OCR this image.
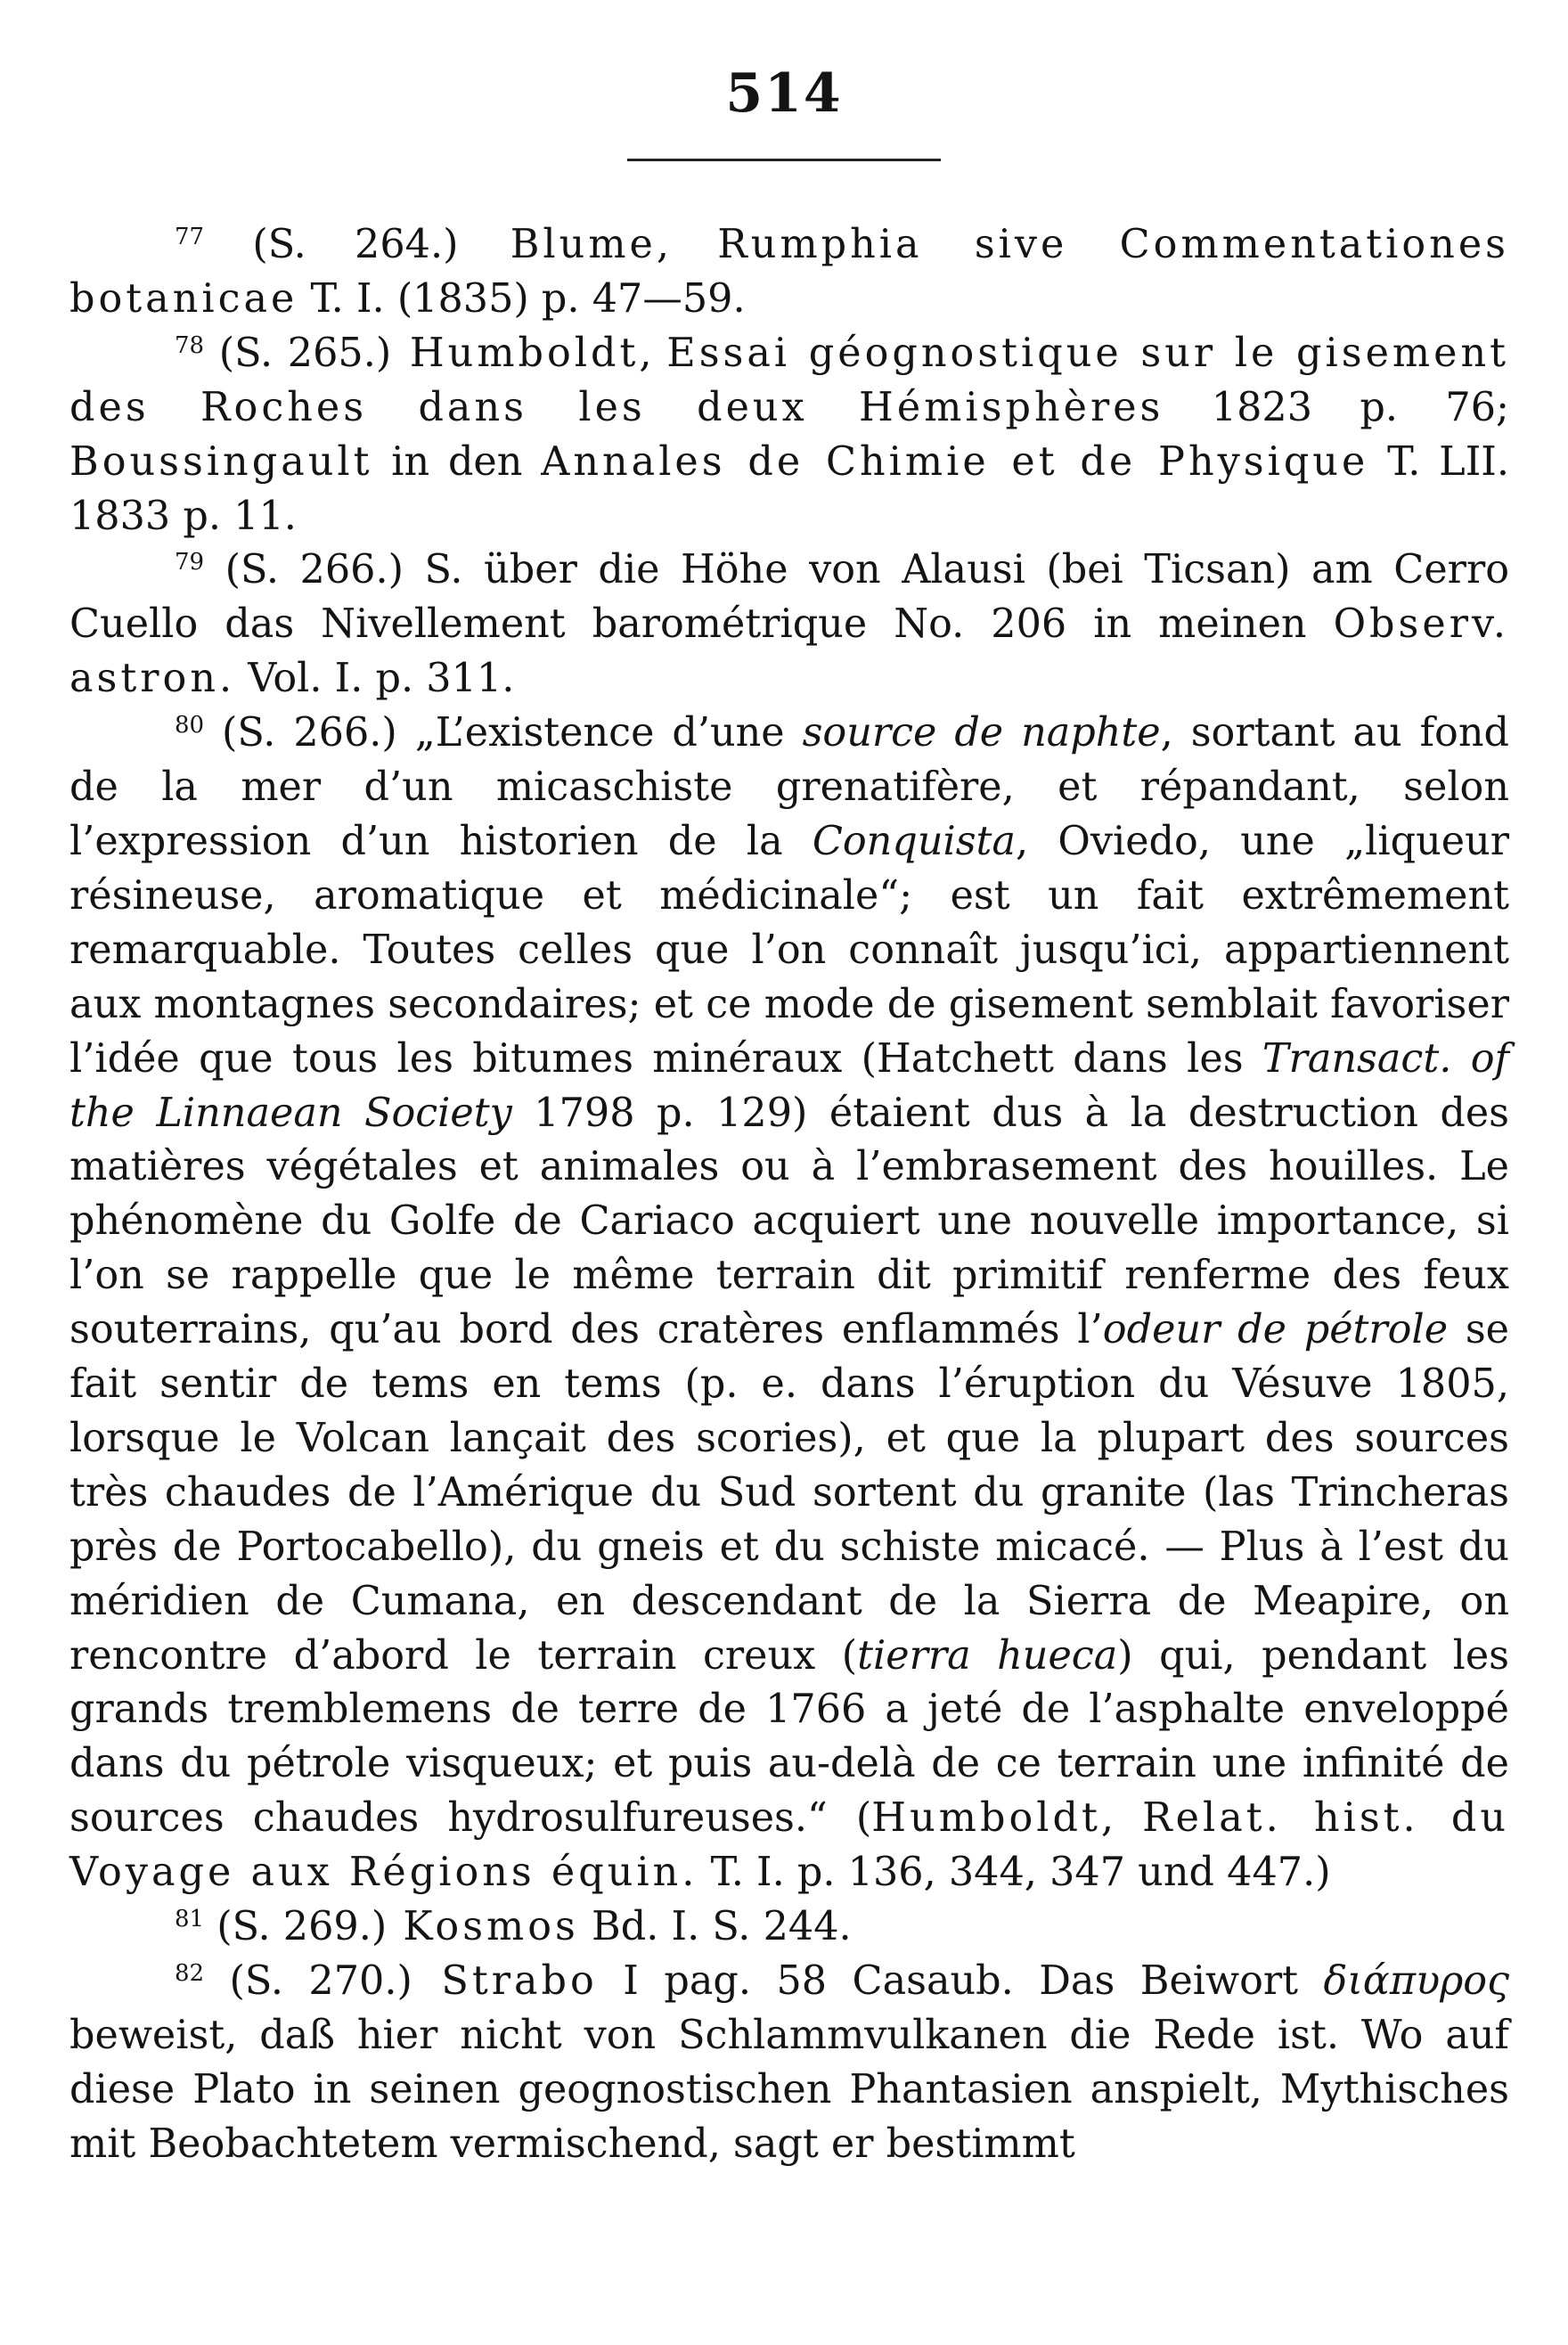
514

$^{77}$ (S. 264.) Blume, Rumphia sive Commentationes botanicae T. I. (1835) p. 47—59.

$^{78}$ (S. 265.) Humboldt, Essai géognostique sur le gisement des Roches dans les deux Hémisphères 1823 p. 76; Boussingault in den Annales de Chimie et de Physique T. LII. 1833 p. 11.

$^{79}$ (S. 266.) S. über die Höhe von Alausi (bei Ticsan) am Cerro Cuello das Nivellement barométrique No. 206 in meinen Observ. astron. Vol. I. p. 311.

$^{80}$ (S. 266.) „L’existence d’une source de naphte, sortant au fond de la mer d’un micaschiste grenatifère, et répandant, selon l’expression d’un historien de la Conquista, Oviedo, une „liqueur résineuse, aromatique et médicinale“; est un fait extrêmement remarquable. Toutes celles que l’on connaît jusqu’ici, appartiennent aux montagnes secondaires; et ce mode de gisement semblait favoriser l’idée que tous les bitumes minéraux (Hatchett dans les Transact. of the Linnaean Society 1798 p. 129) étaient dus à la destruction des matières végétales et animales ou à l’embrasement des houilles. Le phénomène du Golfe de Cariaco acquiert une nouvelle importance, si l’on se rappelle que le même terrain dit primitif renferme des feux souterrains, qu’au bord des cratères enflammés l’odeur de pétrole se fait sentir de tems en tems (p. e. dans l’éruption du Vésuve 1805, lorsque le Volcan lançait des scories), et que la plupart des sources très chaudes de l’Amérique du Sud sortent du granite (las Trincheras près de Portocabello), du gneis et du schiste micacé. — Plus à l’est du méridien de Cumana, en descendant de la Sierra de Meapire, on rencontre d’abord le terrain creux (tierra hueca) qui, pendant les grands tremblemens de terre de 1766 a jeté de l’asphalte enveloppé dans du pétrole visqueux; et puis au-delà de ce terrain une infinité de sources chaudes hydrosulfureuses.“ (Humboldt, Relat. hist. du Voyage aux Régions équin. T. I. p. 136, 344, 347 und 447.)

$^{81}$ (S. 269.) Kosmos Bd. I. S. 244.

$^{82}$ (S. 270.) Strabo I pag. 58 Casaub. Das Beiwort διάπυρος beweist, daß hier nicht von Schlammvulkanen die Rede ist. Wo auf diese Plato in seinen geognostischen Phantasien anspielt, Mythisches mit Beobachtetem vermischend, sagt er bestimmt
